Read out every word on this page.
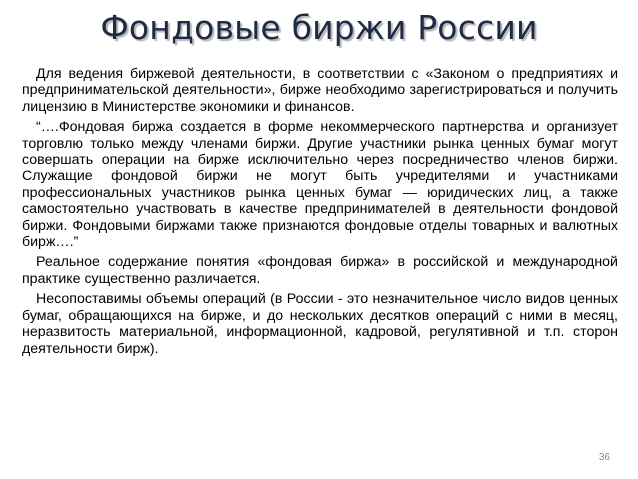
Фондовые биржи России

Для ведения биржевой деятельности, в соответствии с «Законом о предприятиях и предпринимательской деятельности», бирже необходимо зарегистрироваться и получить лицензию в Министерстве экономики и финансов.

“….Фондовая биржа создается в форме некоммерческого партнерства и организует торговлю только между членами биржи. Другие участники рынка ценных бумаг могут совершать операции на бирже исключительно через посредничество членов биржи. Служащие фондовой биржи не могут быть учредителями и участниками профессиональных участников рынка ценных бумаг — юридических лиц, а также самостоятельно участвовать в качестве предпринимателей в деятельности фондовой биржи. Фондовыми биржами также признаются фондовые отделы товарных и валютных бирж….”

Реальное содержание понятия «фондовая биржа» в российской и международной практике существенно различается.

Несопоставимы объемы операций (в России - это незначительное число видов ценных бумаг, обращающихся на бирже, и до нескольких десятков операций с ними в месяц, неразвитость материальной, информационной, кадровой, регулятивной и т.п. сторон деятельности бирж).

36
